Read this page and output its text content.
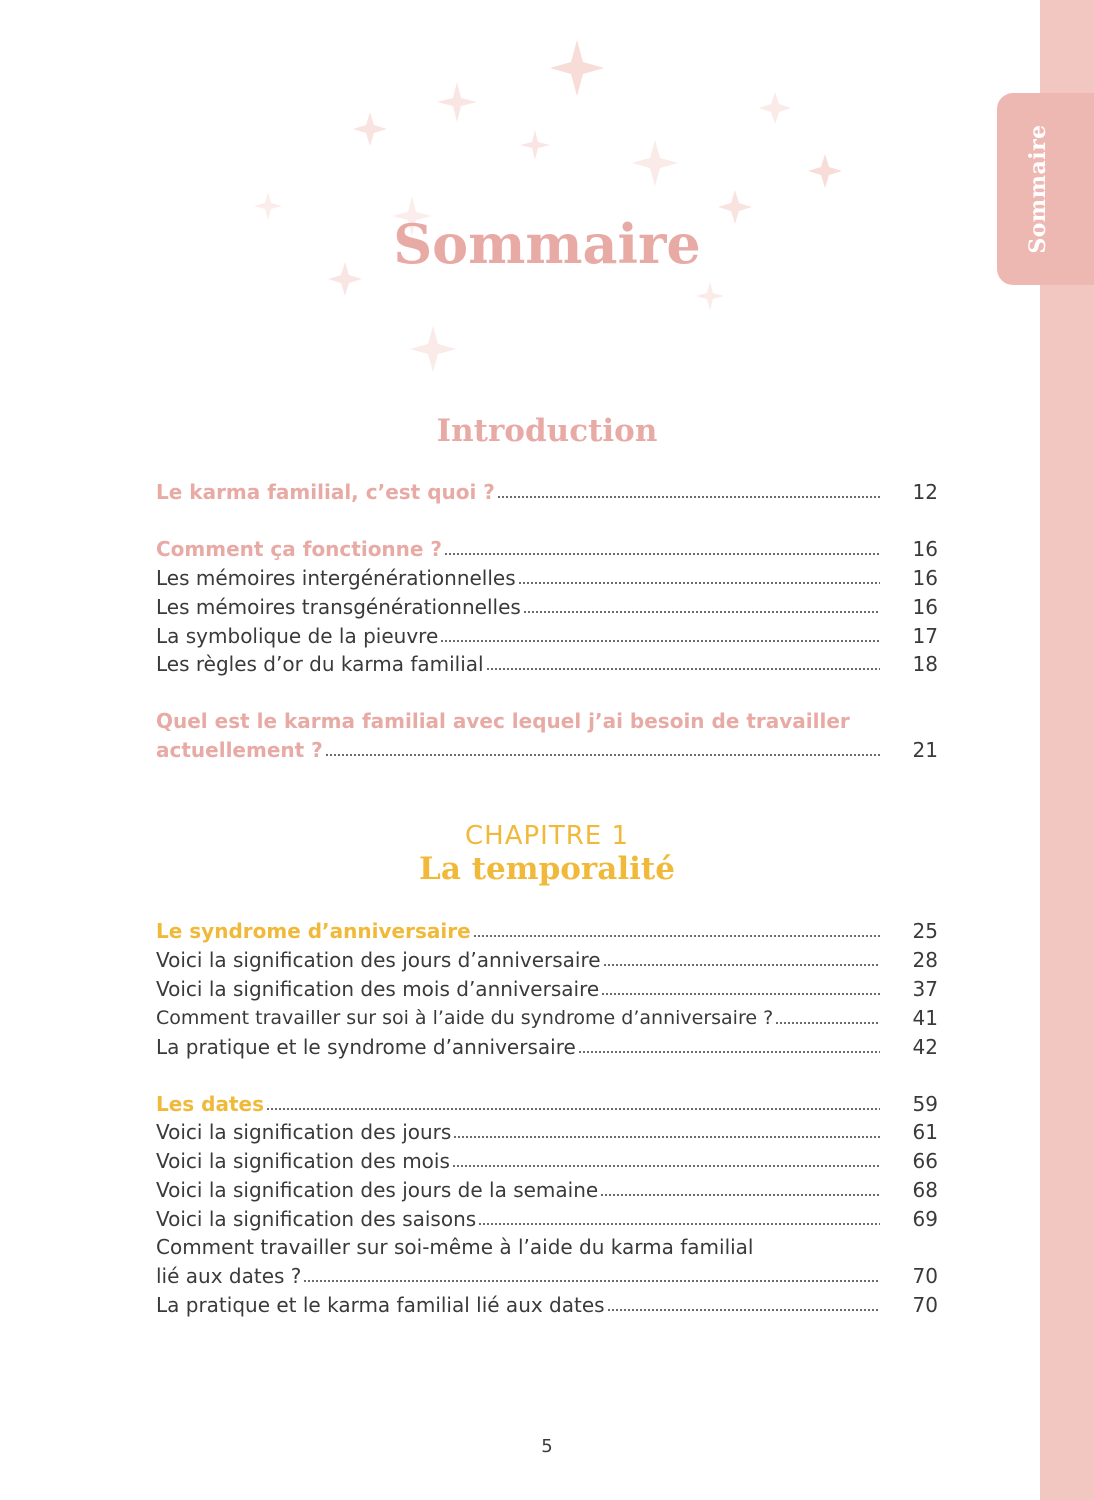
Sommaire
Sommaire
Introduction
Le karma familial, c’est quoi ?	12
Comment ça fonctionne ?	16
Les mémoires intergénérationnelles	16
Les mémoires transgénérationnelles	16
La symbolique de la pieuvre	17
Les règles d’or du karma familial	18
Quel est le karma familial avec lequel j’ai besoin de travailler
actuellement ?	21
CHAPITRE 1
La temporalité
Le syndrome d’anniversaire	25
Voici la signification des jours d’anniversaire	28
Voici la signification des mois d’anniversaire	37
Comment travailler sur soi à l’aide du syndrome d’anniversaire ?	41
La pratique et le syndrome d’anniversaire	42
Les dates	59
Voici la signification des jours	61
Voici la signification des mois	66
Voici la signification des jours de la semaine	68
Voici la signification des saisons	69
Comment travailler sur soi-même à l’aide du karma familial
lié aux dates ?	70
La pratique et le karma familial lié aux dates	70
5
